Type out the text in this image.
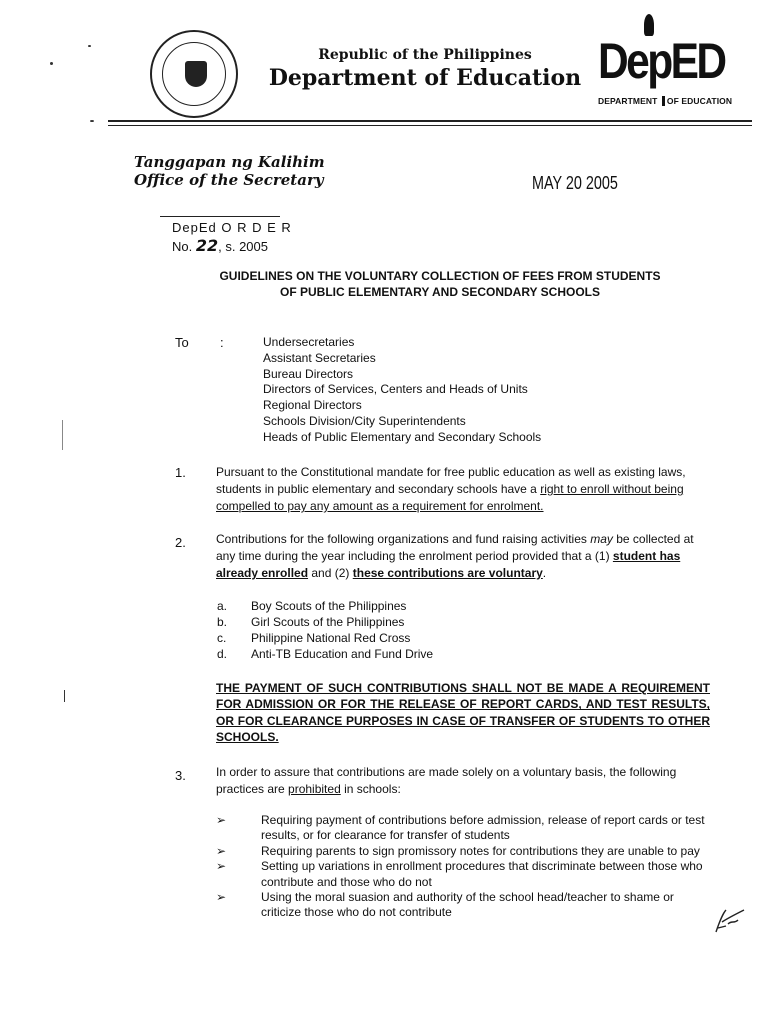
Republic of the Philippines
Department of Education DepED
DEPARTMENT OF EDUCATION
Tanggapan ng Kalihim
Office of the Secretary	MAY 20 2005
DepEd O R D E R
No. 22, s. 2005
GUIDELINES ON THE VOLUNTARY COLLECTION OF FEES FROM STUDENTS
OF PUBLIC ELEMENTARY AND SECONDARY SCHOOLS
To :	Undersecretaries
Assistant Secretaries
Bureau Directors
Directors of Services, Centers and Heads of Units
Regional Directors
Schools Division/City Superintendents
Heads of Public Elementary and Secondary Schools
1.	Pursuant to the Constitutional mandate for free public education as well as existing laws, students in public elementary and secondary schools have a right to enroll without being compelled to pay any amount as a requirement for enrolment.
2.	Contributions for the following organizations and fund raising activities may be collected at any time during the year including the enrolment period provided that a (1) student has already enrolled and (2) these contributions are voluntary.
a. Boy Scouts of the Philippines
b. Girl Scouts of the Philippines
c. Philippine National Red Cross
d. Anti-TB Education and Fund Drive
THE PAYMENT OF SUCH CONTRIBUTIONS SHALL NOT BE MADE A REQUIREMENT FOR ADMISSION OR FOR THE RELEASE OF REPORT CARDS, AND TEST RESULTS, OR FOR CLEARANCE PURPOSES IN CASE OF TRANSFER OF STUDENTS TO OTHER SCHOOLS.
3.	In order to assure that contributions are made solely on a voluntary basis, the following practices are prohibited in schools:
➢	Requiring payment of contributions before admission, release of report cards or test results, or for clearance for transfer of students
➢	Requiring parents to sign promissory notes for contributions they are unable to pay
➢	Setting up variations in enrollment procedures that discriminate between those who contribute and those who do not
➢	Using the moral suasion and authority of the school head/teacher to shame or criticize those who do not contribute
